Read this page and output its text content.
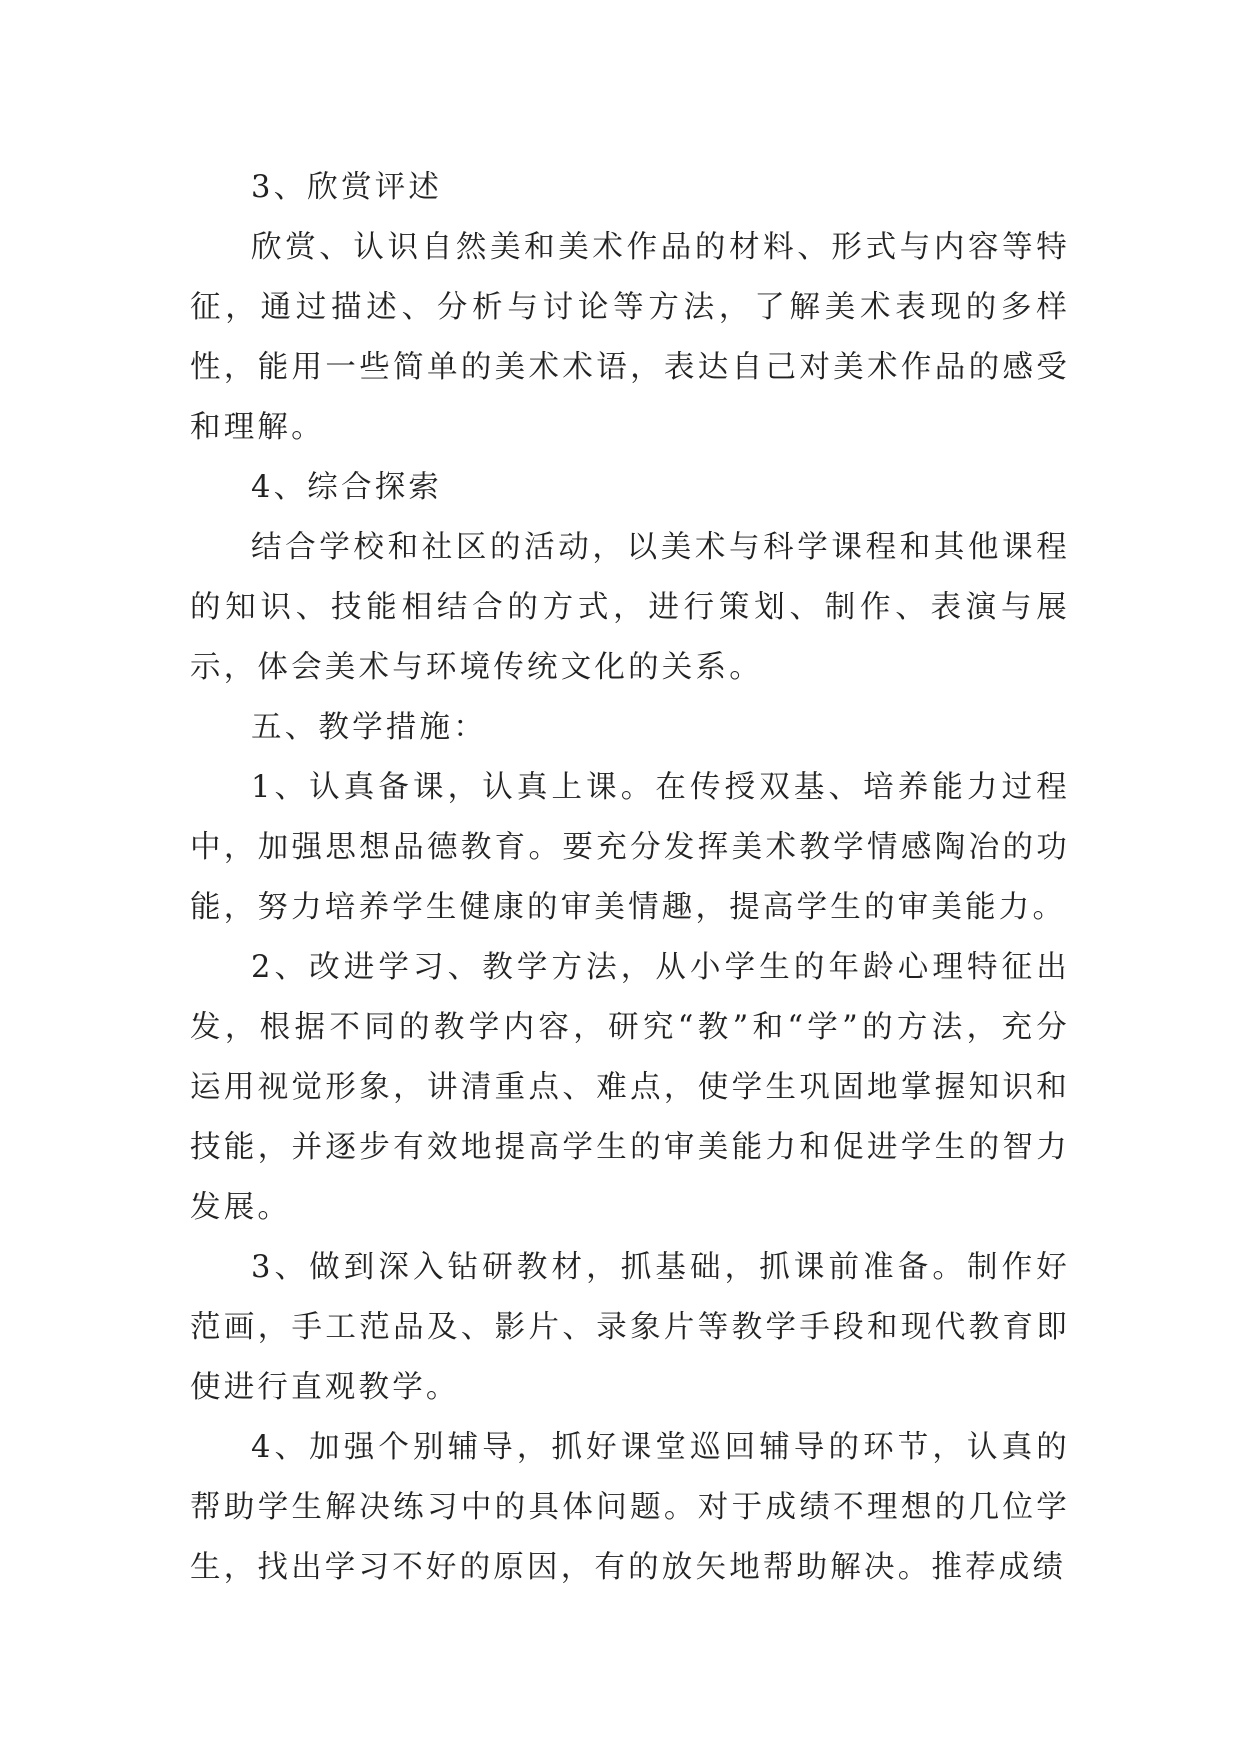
3、欣赏评述

欣赏、认识自然美和美术作品的材料、形式与内容等特征，通过描述、分析与讨论等方法，了解美术表现的多样性，能用一些简单的美术术语，表达自己对美术作品的感受和理解。

4、综合探索

结合学校和社区的活动，以美术与科学课程和其他课程的知识、技能相结合的方式，进行策划、制作、表演与展示，体会美术与环境传统文化的关系。

五、教学措施：

1、认真备课，认真上课。在传授双基、培养能力过程中，加强思想品德教育。要充分发挥美术教学情感陶冶的功能，努力培养学生健康的审美情趣，提高学生的审美能力。

2、改进学习、教学方法，从小学生的年龄心理特征出发，根据不同的教学内容，研究“教”和“学”的方法，充分运用视觉形象，讲清重点、难点，使学生巩固地掌握知识和技能，并逐步有效地提高学生的审美能力和促进学生的智力发展。

3、做到深入钻研教材，抓基础，抓课前准备。制作好范画，手工范品及、影片、录象片等教学手段和现代教育即使进行直观教学。

4、加强个别辅导，抓好课堂巡回辅导的环节，认真的帮助学生解决练习中的具体问题。对于成绩不理想的几位学生，找出学习不好的原因，有的放矢地帮助解决。推荐成绩
